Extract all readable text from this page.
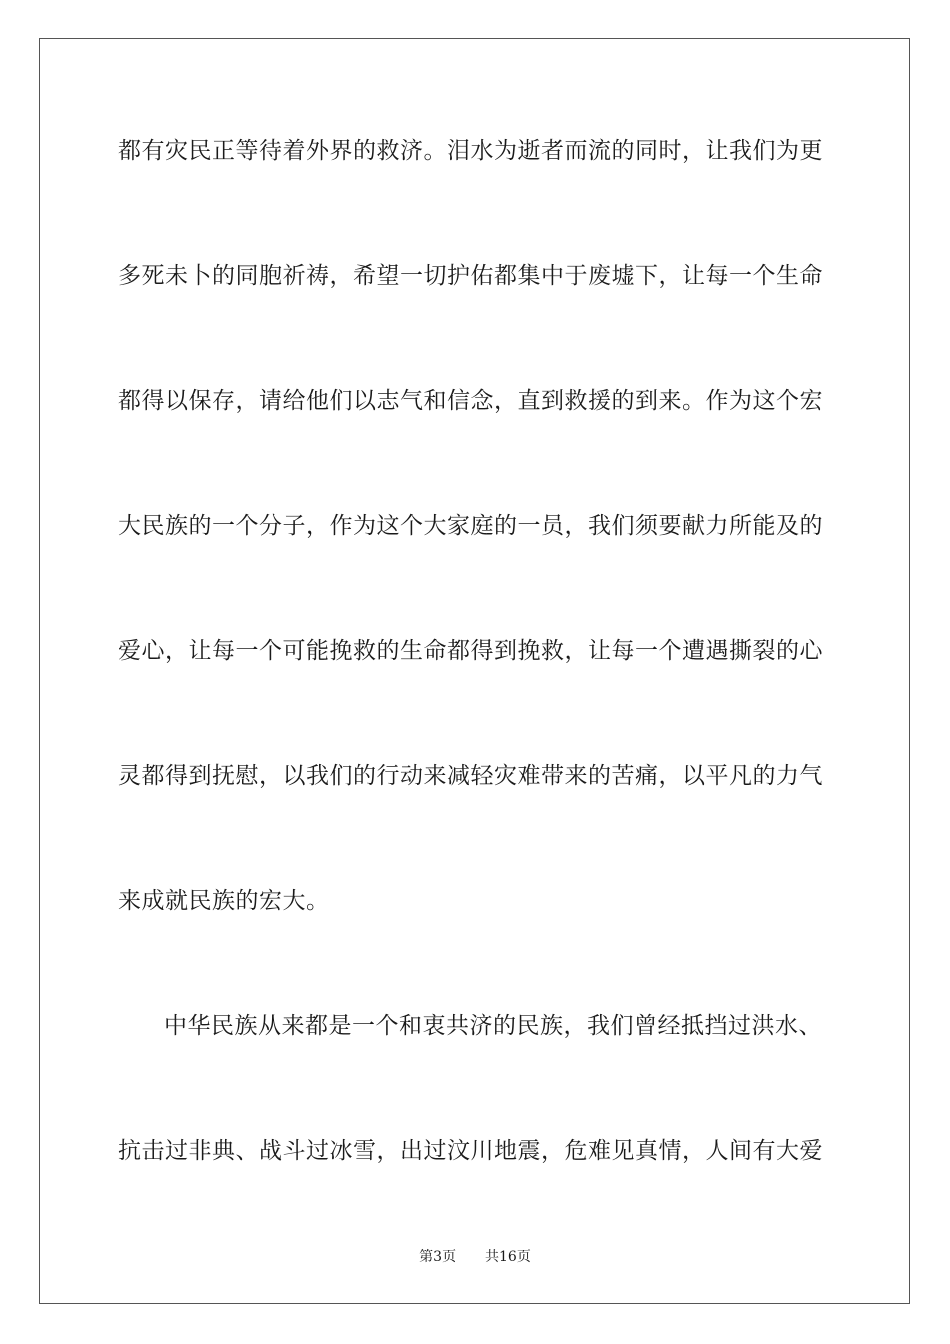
都有灾民正等待着外界的救济。泪水为逝者而流的同时，让我们为更
多死未卜的同胞祈祷，希望一切护佑都集中于废墟下，让每一个生命
都得以保存，请给他们以志气和信念，直到救援的到来。作为这个宏
大民族的一个分子，作为这个大家庭的一员，我们须要献力所能及的
爱心，让每一个可能挽救的生命都得到挽救，让每一个遭遇撕裂的心
灵都得到抚慰，以我们的行动来减轻灾难带来的苦痛，以平凡的力气
来成就民族的宏大。
中华民族从来都是一个和衷共济的民族，我们曾经抵挡过洪水、
抗击过非典、战斗过冰雪，出过汶川地震，危难见真情，人间有大爱
第3页 共16页
